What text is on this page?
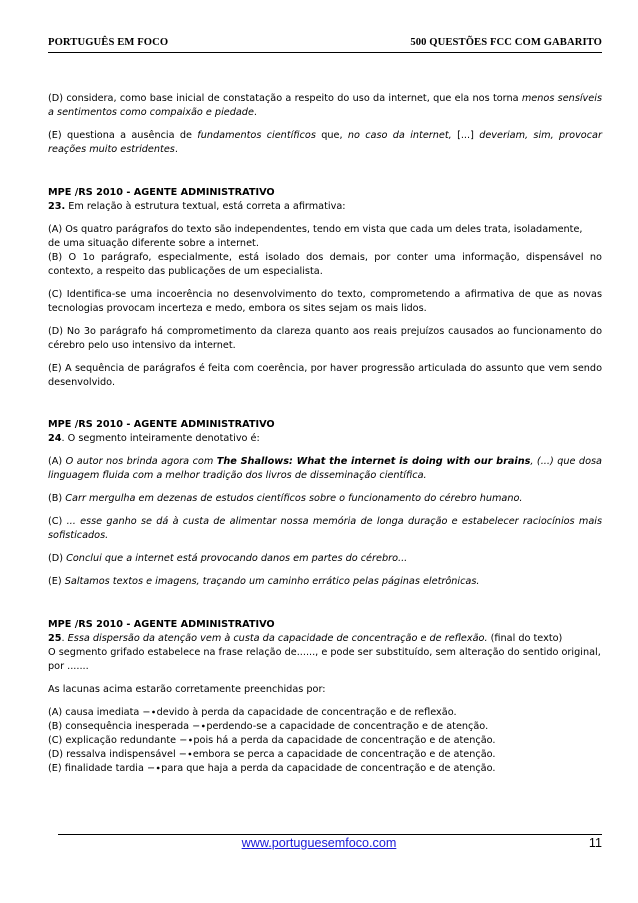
PORTUGUÊS EM FOCO	500 QUESTÕES FCC COM GABARITO

(D) considera, como base inicial de constatação a respeito do uso da internet, que ela nos torna menos sensíveis a sentimentos como compaixão e piedade.

(E) questiona a ausência de fundamentos científicos que, no caso da internet, [...] deveriam, sim, provocar reações muito estridentes.

MPE /RS 2010 - AGENTE ADMINISTRATIVO

23. Em relação à estrutura textual, está correta a afirmativa:

(A) Os quatro parágrafos do texto são independentes, tendo em vista que cada um deles trata, isoladamente,
de uma situação diferente sobre a internet.

(B) O 1o parágrafo, especialmente, está isolado dos demais, por conter uma informação, dispensável no contexto, a respeito das publicações de um especialista.

(C) Identifica-se uma incoerência no desenvolvimento do texto, comprometendo a afirmativa de que as novas tecnologias provocam incerteza e medo, embora os sites sejam os mais lidos.

(D) No 3o parágrafo há comprometimento da clareza quanto aos reais prejuízos causados ao funcionamento do cérebro pelo uso intensivo da internet.

(E) A sequência de parágrafos é feita com coerência, por haver progressão articulada do assunto que vem sendo desenvolvido.

MPE /RS 2010 - AGENTE ADMINISTRATIVO

24. O segmento inteiramente denotativo é:

(A) O autor nos brinda agora com The Shallows: What the internet is doing with our brains, (...) que dosa linguagem fluida com a melhor tradição dos livros de disseminação científica.

(B) Carr mergulha em dezenas de estudos científicos sobre o funcionamento do cérebro humano.

(C) ... esse ganho se dá à custa de alimentar nossa memória de longa duração e estabelecer raciocínios mais sofisticados.

(D) Conclui que a internet está provocando danos em partes do cérebro...

(E) Saltamos textos e imagens, traçando um caminho errático pelas páginas eletrônicas.

MPE /RS 2010 - AGENTE ADMINISTRATIVO

25. Essa dispersão da atenção vem à custa da capacidade de concentração e de reflexão. (final do texto)

O segmento grifado estabelece na frase relação de......, e pode ser substituído, sem alteração do sentido original,

por .......

As lacunas acima estarão corretamente preenchidas por:

(A) causa imediata −∙devido à perda da capacidade de concentração e de reflexão.

(B) consequência inesperada −∙perdendo-se a capacidade de concentração e de atenção.

(C) explicação redundante −∙pois há a perda da capacidade de concentração e de atenção.

(D) ressalva indispensável −∙embora se perca a capacidade de concentração e de atenção.

(E) finalidade tardia −∙para que haja a perda da capacidade de concentração e de atenção.

www.portuguesemfoco.com	11
